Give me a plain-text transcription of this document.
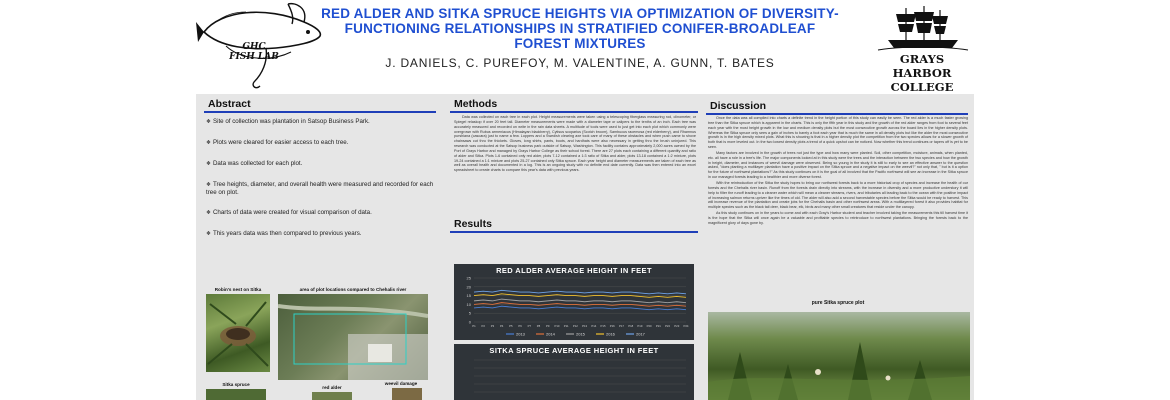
GHC
FISH LAB
RED ALDER AND SITKA SPRUCE HEIGHTS VIA OPTIMIZATION OF DIVERSITY-FUNCTIONING RELATIONSHIPS IN STRATIFIED CONIFER-BROADLEAF FOREST MIXTURES
J. DANIELS, C. PUREFOY, M. VALENTINE, A. GUNN, T. BATES	GRAYS HARBOR
COLLEGE
Abstract
❖ Site of collection was plantation in Satsop Business Park.
❖ Plots were cleared for easier access to each tree.
❖ Data was collected for each plot.
❖ Tree heights, diameter, and overall health were measured and recorded for each tree on plot.
❖ Charts of data were created for visual comparison of data.
❖ This years data was then compared to previous years.
Robin's nest on Sitka	area of plot locations compared to Chehalis river
Sitka spruce
red alder
weevil damage
Methods

Data was collected on each tree in each plot. Height measurements were taken using a telescoping fiberglass measuring rod, clinometer, or Spiegel relaskop if over 20 feet tall. Diameter measurements were made with a diameter tape or calipers to the tenths of an inch. Each tree was accurately measured and recorded on write in the rain data sheets. A multitude of tools were used to just get into each plot which commonly were overgrown with Rubus armeniacus (Himalayan blackberry), Cytisus scoparius (Scotch broom), Sambucus racemosa (red elderberry), and Rhamnus purshiana (cascara) just to name a few. Loppers and a Swedish clearing axe took care of many of these obstacles and when push came to shove chainsaws cut thru the thickets. Gloves, long shirts, pants, boots, and hardhats were also necessary in getting thru the brush uninjured. This research was conducted at the Satsop business park outside of Satsop, Washington. This facility contains approximately 2,000 acres owned by the Port of Grays Harbor and managed by Grays Harbor College as their school forest. There are 27 plots each containing a different quantity and ratio of alder and Sitka. Plots 1-6 contained only red alder, plots 7-12 contained a 1:3 ratio of Sitka and alder, plots 13-18 contained a 1:2 mixture, plots 19-24 contained a 1:1 mixture and plots 25-27 contained only Sitka spruce. Each year height and diameter measurements are taken of each tree as well as overall health and documented in a log. This is an ongoing study with no definite end date currently. Data was then entered into an excel spreadsheet to create charts to compare this year's data with previous years.

Results
RED ALDER AVERAGE HEIGHT IN FEET
0
5
10
15
20
25
P1 P2 P3 P4 P5 P6 P7 P8 P9 P10 P11 P12 P13 P14 P15 P16 P17 P18 P19 P20 P21 P22 P23 P24
2013	2014	2015	2016	2017
SITKA SPRUCE AVERAGE HEIGHT IN FEET
Discussion

Once the data was all compiled into charts a definite trend in the height portion of this study can easily be seen. The red alder is a much faster growing tree than the Sitka spruce which is apparent in the charts. This is only the fifth year in this study and the growth of the red alder ranges from foot to several feet each year with the most height growth in the low and medium density plots but the most consecutive growth across the board lies in the higher density plots. Whereas the Sitka spruce only sees a gain of inches to barely a foot each year that is much the same in all density plots but like the alder the most consecutive growth is in the high density mixed plots. What this is showing is that in a higher density plot the competition from the two species allows for a slower growth of both that is more leveled out. In the two lowest density plots a trend of a quick upshot can be noticed. Now whether this trend continues or tapers off is yet to be seen.

Many factors are involved in the growth of trees not just the type and how many were planted. Soil, other competition, moisture, animals, when planted, etc. all have a role in a tree's life. The major components looked at in this study were the trees and the interaction between the two species and how the growth in height, diameter, and instances of weevil damage were observed. Being so young in the study it is still to early to see an effective answer to the question asked, "does planting a multilayer plantation have a positive impact on the Sitka spruce and a negative impact on the weevil?" not only that, " but is it a option for the future of northwest plantations?" As this study continues on it is the goal of all involved that the Pacific northwest will see an increase in the Sitka spruce in our managed forests leading to a healthier and more diverse forest.

With the reintroduction of the Sitka the study hopes to bring our northwest forests back to a more historical crop of species and increase the health of our forests and the Chehalis river basin. Runoff from the forests drain directly into streams, with the increase in diversity and a more productive understory it will help to filter the runoff leading to a cleaner water which will mean a cleaner streams, rivers, and tributaries all leading back to the ocean with the positive impact of increasing salmon returns upriver like the times of old. The alder will also add a second harvestable species before the Sitka would be ready to harvest. This will increase revenue of the plantation and create jobs for the Chehalis basin and other northwest areas. With a multilayered forest it also provides habitat for multiple species such as the black tail deer, black bear, elk, birds and many other small creatures that reside under the canopy.

As this study continues on in the years to come and with each Gray's Harbor student and teacher involved taking the measurements this till harvest time it is the hope that the Sitka will once again be a valuable and profitable species to reintroduce to northwest plantations. Bringing the forests back to the magnificent glory of days gone by.

pure Sitka spruce plot
